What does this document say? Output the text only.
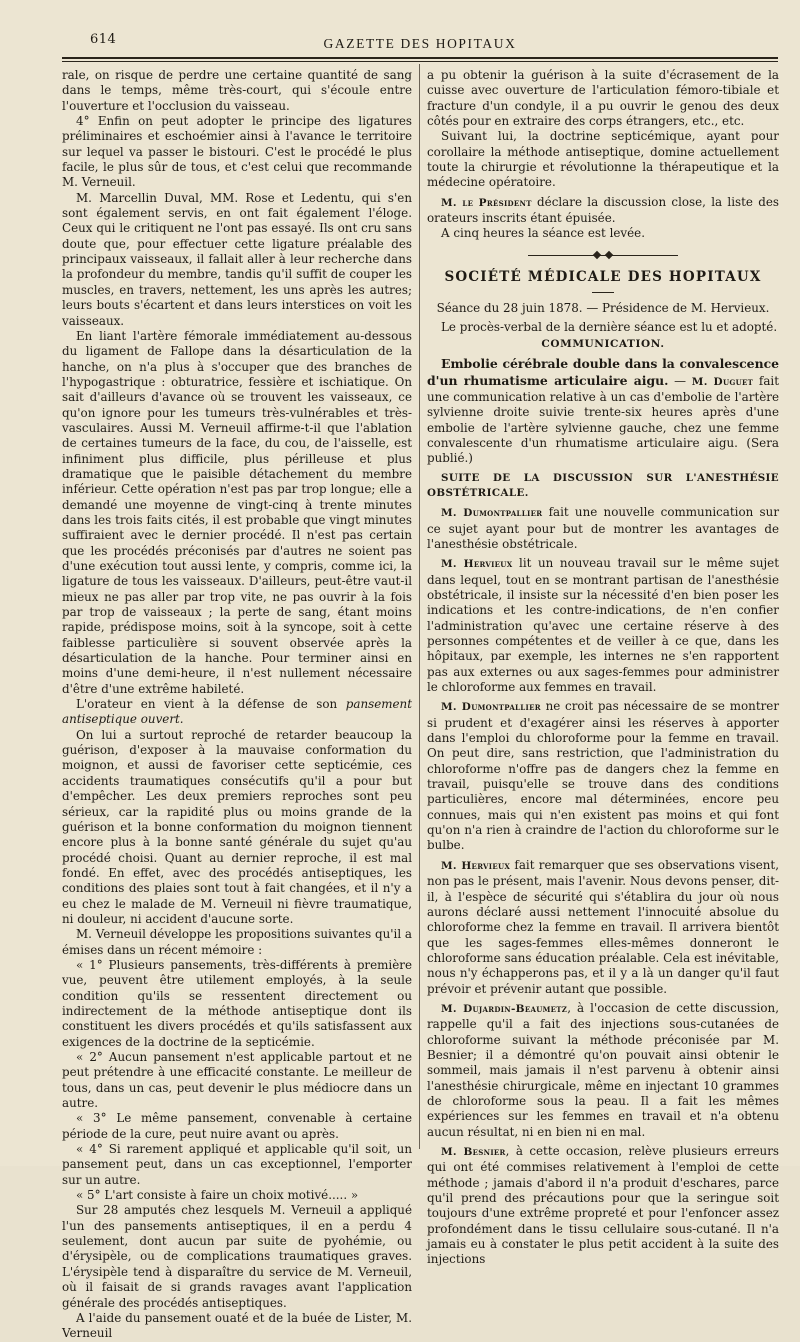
614	GAZETTE DES HOPITAUX

rale, on risque de perdre une certaine quantité de sang dans le temps, même très-court, qui s'écoule entre l'ouverture et l'occlusion du vaisseau.

4° Enfin on peut adopter le principe des ligatures préliminaires et eschoémier ainsi à l'avance le territoire sur lequel va passer le bistouri. C'est le procédé le plus facile, le plus sûr de tous, et c'est celui que recommande M. Verneuil.

M. Marcellin Duval, MM. Rose et Ledentu, qui s'en sont également servis, en ont fait également l'éloge. Ceux qui le critiquent ne l'ont pas essayé. Ils ont cru sans doute que, pour effectuer cette ligature préalable des principaux vaisseaux, il fallait aller à leur recherche dans la profondeur du membre, tandis qu'il suffit de couper les muscles, en travers, nettement, les uns après les autres; leurs bouts s'écartent et dans leurs interstices on voit les vaisseaux.

En liant l'artère fémorale immédiatement au-dessous du ligament de Fallope dans la désarticulation de la hanche, on n'a plus à s'occuper que des branches de l'hypogastrique : obturatrice, fessière et ischiatique. On sait d'ailleurs d'avance où se trouvent les vaisseaux, ce qu'on ignore pour les tumeurs très-vulnérables et très-vasculaires. Aussi M. Verneuil affirme-t-il que l'ablation de certaines tumeurs de la face, du cou, de l'aisselle, est infiniment plus difficile, plus périlleuse et plus dramatique que le paisible détachement du membre inférieur. Cette opération n'est pas par trop longue; elle a demandé une moyenne de vingt-cinq à trente minutes dans les trois faits cités, il est probable que vingt minutes suffiraient avec le dernier procédé. Il n'est pas certain que les procédés préconisés par d'autres ne soient pas d'une exécution tout aussi lente, y compris, comme ici, la ligature de tous les vaisseaux. D'ailleurs, peut-être vaut-il mieux ne pas aller par trop vite, ne pas ouvrir à la fois par trop de vaisseaux ; la perte de sang, étant moins rapide, prédispose moins, soit à la syncope, soit à cette faiblesse particulière si souvent observée après la désarticulation de la hanche. Pour terminer ainsi en moins d'une demi-heure, il n'est nullement nécessaire d'être d'une extrême habileté.

L'orateur en vient à la défense de son pansement antiseptique ouvert.

On lui a surtout reproché de retarder beaucoup la guérison, d'exposer à la mauvaise conformation du moignon, et aussi de favoriser cette septicémie, ces accidents traumatiques consécutifs qu'il a pour but d'empêcher. Les deux premiers reproches sont peu sérieux, car la rapidité plus ou moins grande de la guérison et la bonne conformation du moignon tiennent encore plus à la bonne santé générale du sujet qu'au procédé choisi. Quant au dernier reproche, il est mal fondé. En effet, avec des procédés antiseptiques, les conditions des plaies sont tout à fait changées, et il n'y a eu chez le malade de M. Verneuil ni fièvre traumatique, ni douleur, ni accident d'aucune sorte.

M. Verneuil développe les propositions suivantes qu'il a émises dans un récent mémoire :

« 1° Plusieurs pansements, très-différents à première vue, peuvent être utilement employés, à la seule condition qu'ils se ressentent directement ou indirectement de la méthode antiseptique dont ils constituent les divers procédés et qu'ils satisfassent aux exigences de la doctrine de la septicémie.

« 2° Aucun pansement n'est applicable partout et ne peut prétendre à une efficacité constante. Le meilleur de tous, dans un cas, peut devenir le plus médiocre dans un autre.

« 3° Le même pansement, convenable à certaine période de la cure, peut nuire avant ou après.

« 4° Si rarement appliqué et applicable qu'il soit, un pansement peut, dans un cas exceptionnel, l'emporter sur un autre.

« 5° L'art consiste à faire un choix motivé..... »

Sur 28 amputés chez lesquels M. Verneuil a appliqué l'un des pansements antiseptiques, il en a perdu 4 seulement, dont aucun par suite de pyohémie, ou d'érysipèle, ou de complications traumatiques graves. L'érysipèle tend à disparaître du service de M. Verneuil, où il faisait de si grands ravages avant l'application générale des procédés antiseptiques.

A l'aide du pansement ouaté et de la buée de Lister, M. Verneuil

a pu obtenir la guérison à la suite d'écrasement de la cuisse avec ouverture de l'articulation fémoro-tibiale et fracture d'un condyle, il a pu ouvrir le genou des deux côtés pour en extraire des corps étrangers, etc., etc.

Suivant lui, la doctrine septicémique, ayant pour corollaire la méthode antiseptique, domine actuellement toute la chirurgie et révolutionne la thérapeutique et la médecine opératoire.

M. le Président déclare la discussion close, la liste des orateurs inscrits étant épuisée.

A cinq heures la séance est levée.

SOCIÉTÉ MÉDICALE DES HOPITAUX

Séance du 28 juin 1878. — Présidence de M. Hervieux.

Le procès-verbal de la dernière séance est lu et adopté.

COMMUNICATION.

Embolie cérébrale double dans la convalescence d'un rhumatisme articulaire aigu. — M. Duguet fait une communication relative à un cas d'embolie de l'artère sylvienne droite suivie trente-six heures après d'une embolie de l'artère sylvienne gauche, chez une femme convalescente d'un rhumatisme articulaire aigu. (Sera publié.)

SUITE DE LA DISCUSSION SUR L'ANESTHÉSIE OBSTÉTRICALE.

M. Dumontpallier fait une nouvelle communication sur ce sujet ayant pour but de montrer les avantages de l'anesthésie obstétricale.

M. Hervieux lit un nouveau travail sur le même sujet dans lequel, tout en se montrant partisan de l'anesthésie obstétricale, il insiste sur la nécessité d'en bien poser les indications et les contre-indications, de n'en confier l'administration qu'avec une certaine réserve à des personnes compétentes et de veiller à ce que, dans les hôpitaux, par exemple, les internes ne s'en rapportent pas aux externes ou aux sages-femmes pour administrer le chloroforme aux femmes en travail.

M. Dumontpallier ne croit pas nécessaire de se montrer si prudent et d'exagérer ainsi les réserves à apporter dans l'emploi du chloroforme pour la femme en travail. On peut dire, sans restriction, que l'administration du chloroforme n'offre pas de dangers chez la femme en travail, puisqu'elle se trouve dans des conditions particulières, encore mal déterminées, encore peu connues, mais qui n'en existent pas moins et qui font qu'on n'a rien à craindre de l'action du chloroforme sur le bulbe.

M. Hervieux fait remarquer que ses observations visent, non pas le présent, mais l'avenir. Nous devons penser, dit-il, à l'espèce de sécurité qui s'établira du jour où nous aurons déclaré aussi nettement l'innocuité absolue du chloroforme chez la femme en travail. Il arrivera bientôt que les sages-femmes elles-mêmes donneront le chloroforme sans éducation préalable. Cela est inévitable, nous n'y échapperons pas, et il y a là un danger qu'il faut prévoir et prévenir autant que possible.

M. Dujardin-Beaumetz, à l'occasion de cette discussion, rappelle qu'il a fait des injections sous-cutanées de chloroforme suivant la méthode préconisée par M. Besnier; il a démontré qu'on pouvait ainsi obtenir le sommeil, mais jamais il n'est parvenu à obtenir ainsi l'anesthésie chirurgicale, même en injectant 10 grammes de chloroforme sous la peau. Il a fait les mêmes expériences sur les femmes en travail et n'a obtenu aucun résultat, ni en bien ni en mal.

M. Besnier, à cette occasion, relève plusieurs erreurs qui ont été commises relativement à l'emploi de cette méthode ; jamais d'abord il n'a produit d'eschares, parce qu'il prend des précautions pour que la seringue soit toujours d'une extrême propreté et pour l'enfoncer assez profondément dans le tissu cellulaire sous-cutané. Il n'a jamais eu à constater le plus petit accident à la suite des injections
